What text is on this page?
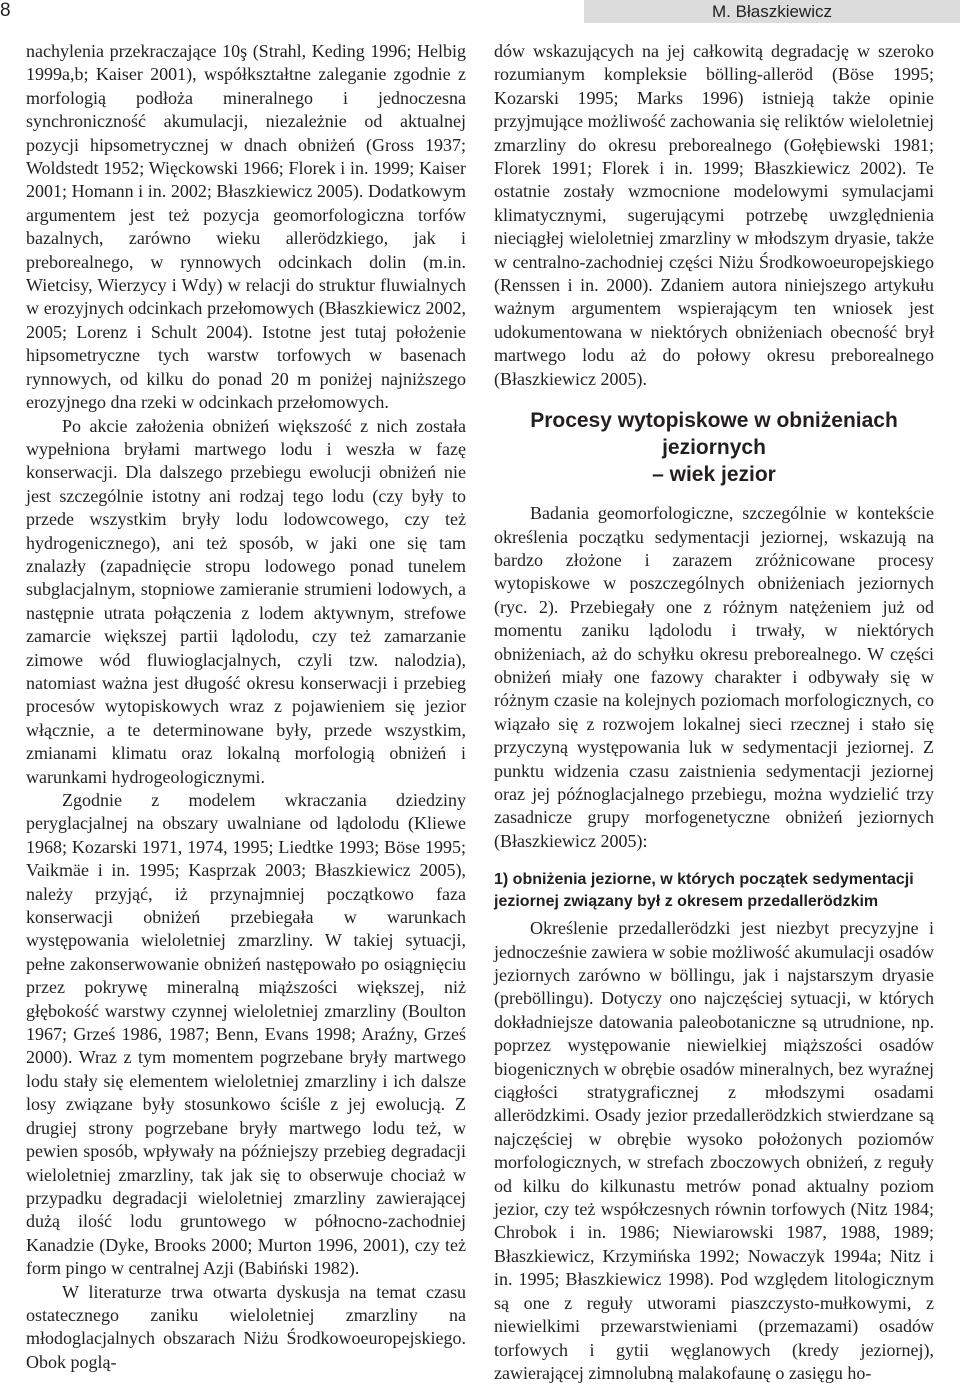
8	M. Błaszkiewicz

nachylenia przekraczające 10ş (Strahl, Keding 1996; Helbig 1999a,b; Kaiser 2001), współkształtne zaleganie zgodnie z morfologią podłoża mineralnego i jednoczesna synchroniczność akumulacji, niezależnie od aktualnej pozycji hipsometrycznej w dnach obniżeń (Gross 1937; Woldstedt 1952; Więckowski 1966; Florek i in. 1999; Kaiser 2001; Homann i in. 2002; Błaszkiewicz 2005). Dodatkowym argumentem jest też pozycja geomorfologiczna torfów bazalnych, zarówno wieku allerödzkiego, jak i preborealnego, w rynnowych odcinkach dolin (m.in. Wietcisy, Wierzycy i Wdy) w relacji do struktur fluwialnych w erozyjnych odcinkach przełomowych (Błaszkiewicz 2002, 2005; Lorenz i Schult 2004). Istotne jest tutaj położenie hipsometryczne tych warstw torfowych w basenach rynnowych, od kilku do ponad 20 m poniżej najniższego erozyjnego dna rzeki w odcinkach przełomowych.

Po akcie założenia obniżeń większość z nich została wypełniona bryłami martwego lodu i weszła w fazę konserwacji. Dla dalszego przebiegu ewolucji obniżeń nie jest szczególnie istotny ani rodzaj tego lodu (czy były to przede wszystkim bryły lodu lodowcowego, czy też hydrogenicznego), ani też sposób, w jaki one się tam znalazły (zapadnięcie stropu lodowego ponad tunelem subglacjalnym, stopniowe zamieranie strumieni lodowych, a następnie utrata połączenia z lodem aktywnym, strefowe zamarcie większej partii lądolodu, czy też zamarzanie zimowe wód fluwioglacjalnych, czyli tzw. nalodzia), natomiast ważna jest długość okresu konserwacji i przebieg procesów wytopiskowych wraz z pojawieniem się jezior włącznie, a te determinowane były, przede wszystkim, zmianami klimatu oraz lokalną morfologią obniżeń i warunkami hydrogeologicznymi.

Zgodnie z modelem wkraczania dziedziny peryglacjalnej na obszary uwalniane od lądolodu (Kliewe 1968; Kozarski 1971, 1974, 1995; Liedtke 1993; Böse 1995; Vaikmäe i in. 1995; Kasprzak 2003; Błaszkiewicz 2005), należy przyjąć, iż przynajmniej początkowo faza konserwacji obniżeń przebiegała w warunkach występowania wieloletniej zmarzliny. W takiej sytuacji, pełne zakonserwowanie obniżeń następowało po osiągnięciu przez pokrywę mineralną miąższości większej, niż głębokość warstwy czynnej wieloletniej zmarzliny (Boulton 1967; Grześ 1986, 1987; Benn, Evans 1998; Araźny, Grześ 2000). Wraz z tym momentem pogrzebane bryły martwego lodu stały się elementem wieloletniej zmarzliny i ich dalsze losy związane były stosunkowo ściśle z jej ewolucją. Z drugiej strony pogrzebane bryły martwego lodu też, w pewien sposób, wpływały na późniejszy przebieg degradacji wieloletniej zmarzliny, tak jak się to obserwuje chociaż w przypadku degradacji wieloletniej zmarzliny zawierającej dużą ilość lodu gruntowego w północno-zachodniej Kanadzie (Dyke, Brooks 2000; Murton 1996, 2001), czy też form pingo w centralnej Azji (Babiński 1982).

W literaturze trwa otwarta dyskusja na temat czasu ostatecznego zaniku wieloletniej zmarzliny na młodoglacjalnych obszarach Niżu Środkowoeuropejskiego. Obok poglą-

dów wskazujących na jej całkowitą degradację w szeroko rozumianym kompleksie bölling-alleröd (Böse 1995; Kozarski 1995; Marks 1996) istnieją także opinie przyjmujące możliwość zachowania się reliktów wieloletniej zmarzliny do okresu preborealnego (Gołębiewski 1981; Florek 1991; Florek i in. 1999; Błaszkiewicz 2002). Te ostatnie zostały wzmocnione modelowymi symulacjami klimatycznymi, sugerującymi potrzebę uwzględnienia nieciągłej wieloletniej zmarzliny w młodszym dryasie, także w centralno-zachodniej części Niżu Środkowoeuropejskiego (Renssen i in. 2000). Zdaniem autora niniejszego artykułu ważnym argumentem wspierającym ten wniosek jest udokumentowana w niektórych obniżeniach obecność brył martwego lodu aż do połowy okresu preborealnego (Błaszkiewicz 2005).

Procesy wytopiskowe w obniżeniach jeziornych
– wiek jezior

Badania geomorfologiczne, szczególnie w kontekście określenia początku sedymentacji jeziornej, wskazują na bardzo złożone i zarazem zróżnicowane procesy wytopiskowe w poszczególnych obniżeniach jeziornych (ryc. 2). Przebiegały one z różnym natężeniem już od momentu zaniku lądolodu i trwały, w niektórych obniżeniach, aż do schyłku okresu preborealnego. W części obniżeń miały one fazowy charakter i odbywały się w różnym czasie na kolejnych poziomach morfologicznych, co wiązało się z rozwojem lokalnej sieci rzecznej i stało się przyczyną występowania luk w sedymentacji jeziornej. Z punktu widzenia czasu zaistnienia sedymentacji jeziornej oraz jej późnoglacjalnego przebiegu, można wydzielić trzy zasadnicze grupy morfogenetyczne obniżeń jeziornych (Błaszkiewicz 2005):

1) obniżenia jeziorne, w których początek sedymentacji jeziornej związany był z okresem przedallerödzkim

Określenie przedallerödzki jest niezbyt precyzyjne i jednocześnie zawiera w sobie możliwość akumulacji osadów jeziornych zarówno w böllingu, jak i najstarszym dryasie (preböllingu). Dotyczy ono najczęściej sytuacji, w których dokładniejsze datowania paleobotaniczne są utrudnione, np. poprzez występowanie niewielkiej miąższości osadów biogenicznych w obrębie osadów mineralnych, bez wyraźnej ciągłości stratygraficznej z młodszymi osadami allerödzkimi. Osady jezior przedallerödzkich stwierdzane są najczęściej w obrębie wysoko położonych poziomów morfologicznych, w strefach zboczowych obniżeń, z reguły od kilku do kilkunastu metrów ponad aktualny poziom jezior, czy też współczesnych równin torfowych (Nitz 1984; Chrobok i in. 1986; Niewiarowski 1987, 1988, 1989; Błaszkiewicz, Krzymińska 1992; Nowaczyk 1994a; Nitz i in. 1995; Błaszkiewicz 1998). Pod względem litologicznym są one z reguły utworami piaszczysto-mułkowymi, z niewielkimi przewarstwieniami (przemazami) osadów torfowych i gytii węglanowych (kredy jeziornej), zawierającej zimnolubną malakofaunę o zasięgu ho-
